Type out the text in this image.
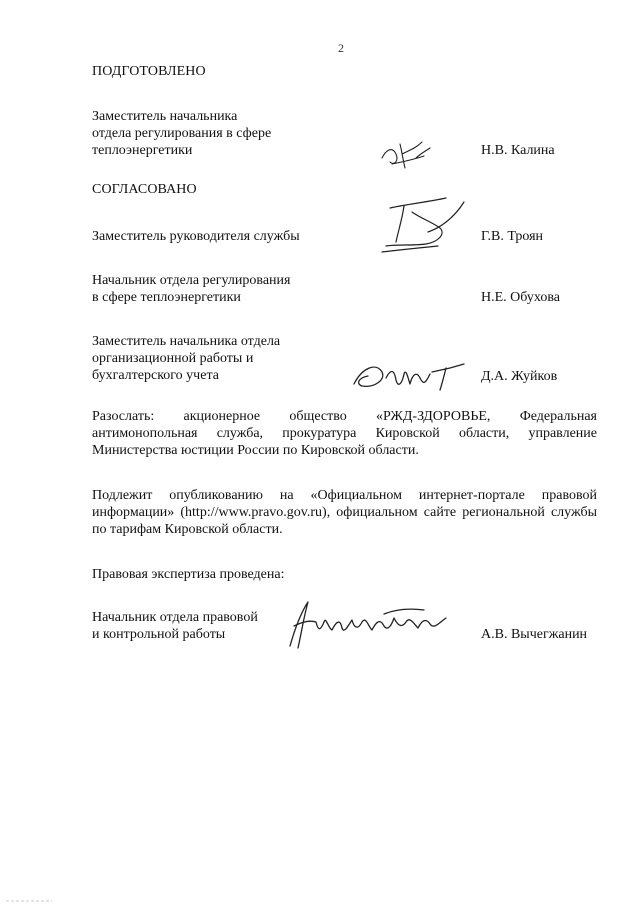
2
ПОДГОТОВЛЕНО
Заместитель начальника
отдела регулирования в сфере
теплоэнергетики	Н.В. Калина
СОГЛАСОВАНО
Заместитель руководителя службы	Г.В. Троян
Начальник отдела регулирования
в сфере теплоэнергетики	Н.Е. Обухова
Заместитель начальника отдела
организационной работы и
бухгалтерского учета	Д.А. Жуйков
Разослать: акционерное общество «РЖД-ЗДОРОВЬЕ, Федеральная антимонопольная служба, прокуратура Кировской области, управление Министерства юстиции России по Кировской области.
Подлежит опубликованию на «Официальном интернет-портале правовой информации» (http://www.pravo.gov.ru), официальном сайте региональной службы по тарифам Кировской области.
Правовая экспертиза проведена:
Начальник отдела правовой
и контрольной работы	А.В. Вычегжанин
